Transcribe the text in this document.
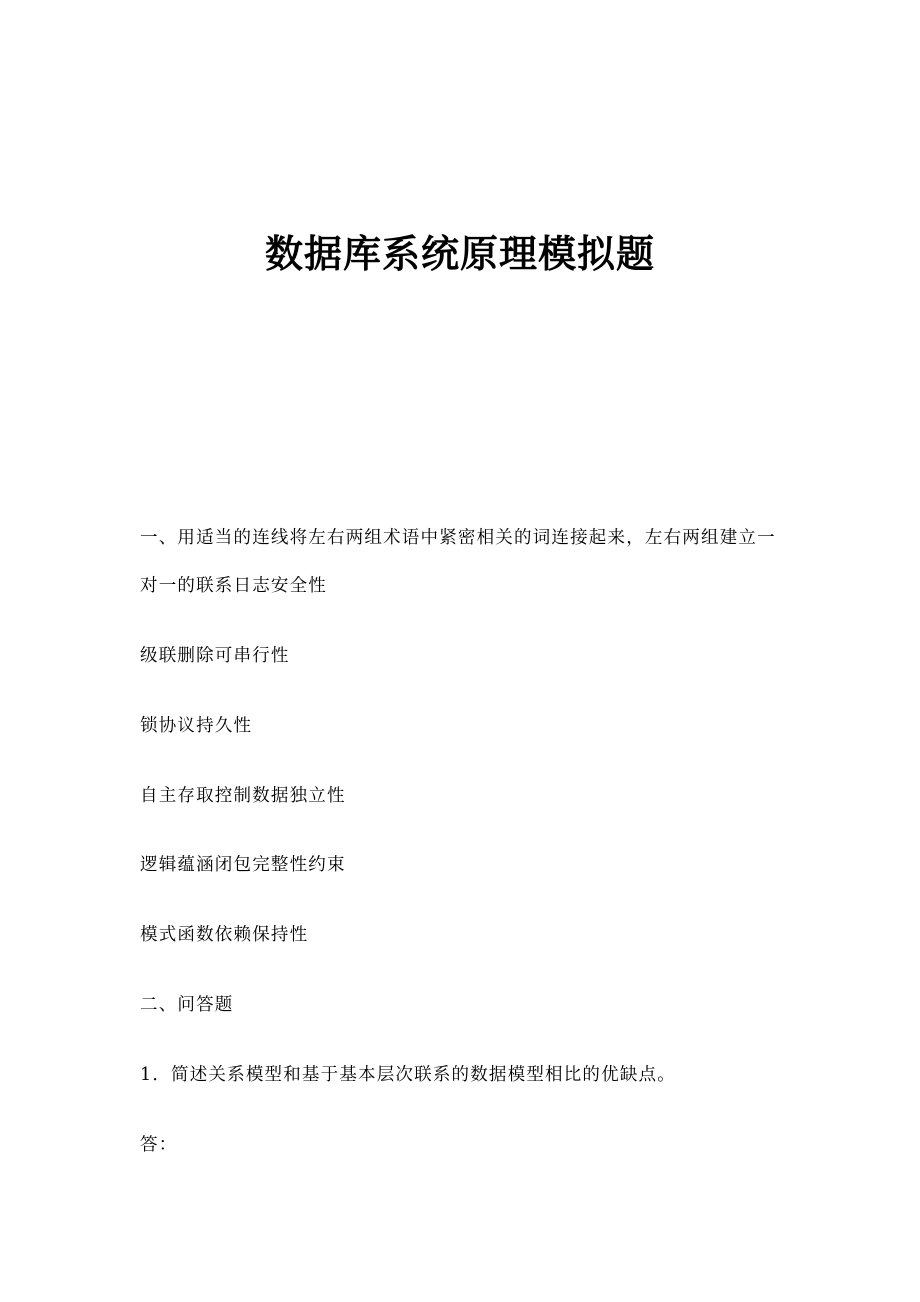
数据库系统原理模拟题
一、用适当的连线将左右两组术语中紧密相关的词连接起来，左右两组建立一
对一的联系日志安全性
级联删除可串行性
锁协议持久性
自主存取控制数据独立性
逻辑蕴涵闭包完整性约束
模式函数依赖保持性
二、问答题
1．简述关系模型和基于基本层次联系的数据模型相比的优缺点。
答：
